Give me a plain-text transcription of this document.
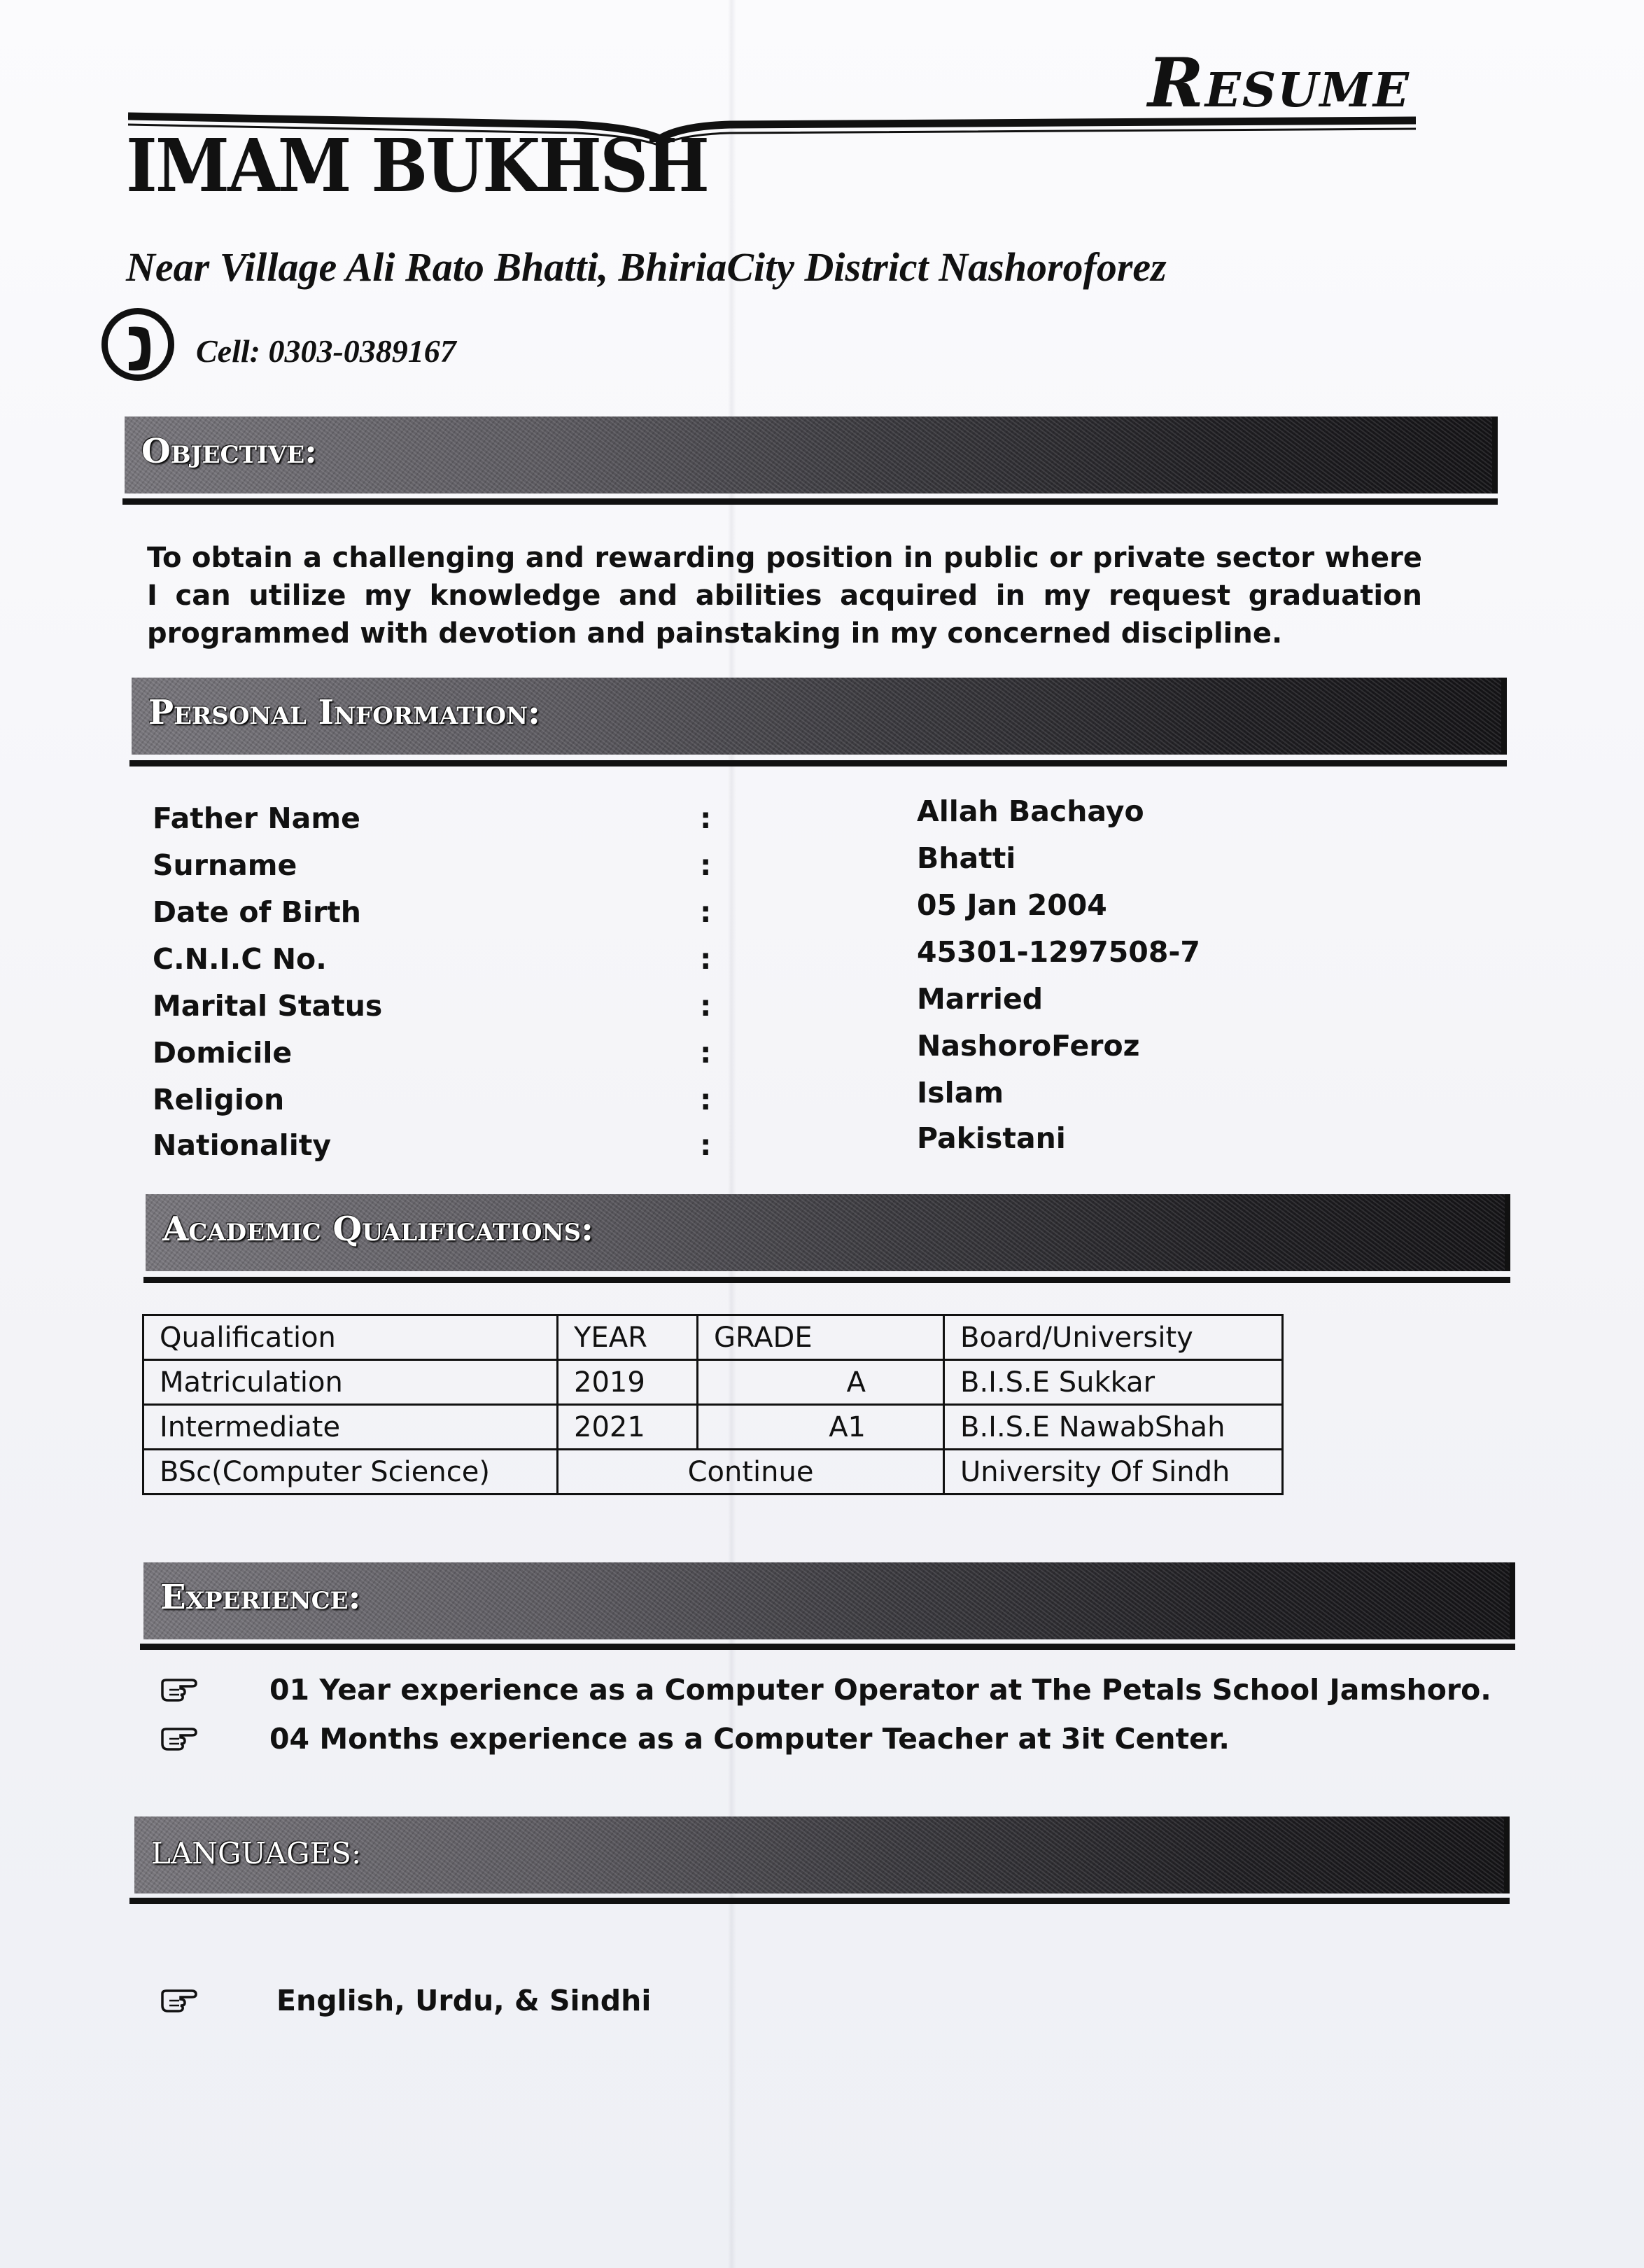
Resume
IMAM BUKHSH
Near Village Ali Rato Bhatti, BhiriaCity District Nashoroforez
Cell: 0303-0389167
Objective:
To obtain a challenging and rewarding position in public or private sector where I can utilize my knowledge and abilities acquired in my request graduation programmed with devotion and painstaking in my concerned discipline.
Personal Information:
Father Name	:	Allah Bachayo
Surname	:	Bhatti
Date of Birth	:	05 Jan 2004
C.N.I.C No.	:	45301-1297508-7
Marital Status	:	Married
Domicile	:	NashoroFeroz
Religion	:	Islam
Nationality	:	Pakistani
Academic Qualifications:
Qualification	YEAR	GRADE	Board/University
Matriculation	2019	A	B.I.S.E Sukkar
Intermediate	2021	A1	B.I.S.E NawabShah
BSc(Computer Science)	Continue		University Of Sindh
Experience:
01 Year experience as a Computer Operator at The Petals School Jamshoro.
04 Months experience as a Computer Teacher at 3it Center.
LANGUAGES:
English, Urdu, & Sindhi
